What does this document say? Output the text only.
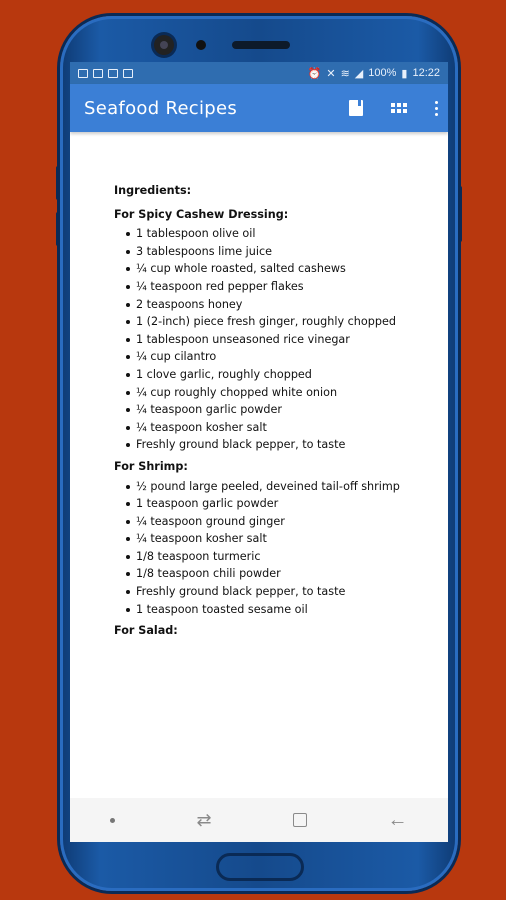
⏰ ✕ ≋ ◢ 100% ▮ 12:22
Seafood Recipes
Ingredients:
For Spicy Cashew Dressing:
1 tablespoon olive oil
3 tablespoons lime juice
¼ cup whole roasted, salted cashews
¼ teaspoon red pepper flakes
2 teaspoons honey
1 (2-inch) piece fresh ginger, roughly chopped
1 tablespoon unseasoned rice vinegar
¼ cup cilantro
1 clove garlic, roughly chopped
¼ cup roughly chopped white onion
¼ teaspoon garlic powder
¼ teaspoon kosher salt
Freshly ground black pepper, to taste
For Shrimp:
½ pound large peeled, deveined tail-off shrimp
1 teaspoon garlic powder
¼ teaspoon ground ginger
¼ teaspoon kosher salt
1/8 teaspoon turmeric
1/8 teaspoon chili powder
Freshly ground black pepper, to taste
1 teaspoon toasted sesame oil
For Salad:
⇄	←
